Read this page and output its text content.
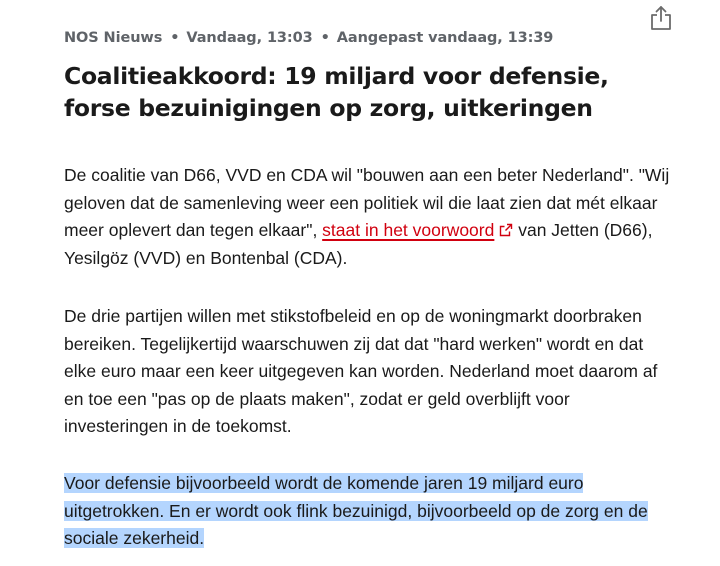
NOS Nieuws • Vandaag, 13:03 • Aangepast vandaag, 13:39
Coalitieakkoord: 19 miljard voor defensie, forse bezuinigingen op zorg, uitkeringen

De coalitie van D66, VVD en CDA wil "bouwen aan een beter Nederland". "Wij geloven dat de samenleving weer een politiek wil die laat zien dat mét elkaar meer oplevert dan tegen elkaar", staat in het voorwoord van Jetten (D66), Yesilgöz (VVD) en Bontenbal (CDA).

De drie partijen willen met stikstofbeleid en op de woningmarkt doorbraken bereiken. Tegelijkertijd waarschuwen zij dat dat "hard werken" wordt en dat elke euro maar een keer uitgegeven kan worden. Nederland moet daarom af en toe een "pas op de plaats maken", zodat er geld overblijft voor investeringen in de toekomst.

Voor defensie bijvoorbeeld wordt de komende jaren 19 miljard euro uitgetrokken. En er wordt ook flink bezuinigd, bijvoorbeeld op de zorg en de sociale zekerheid.
